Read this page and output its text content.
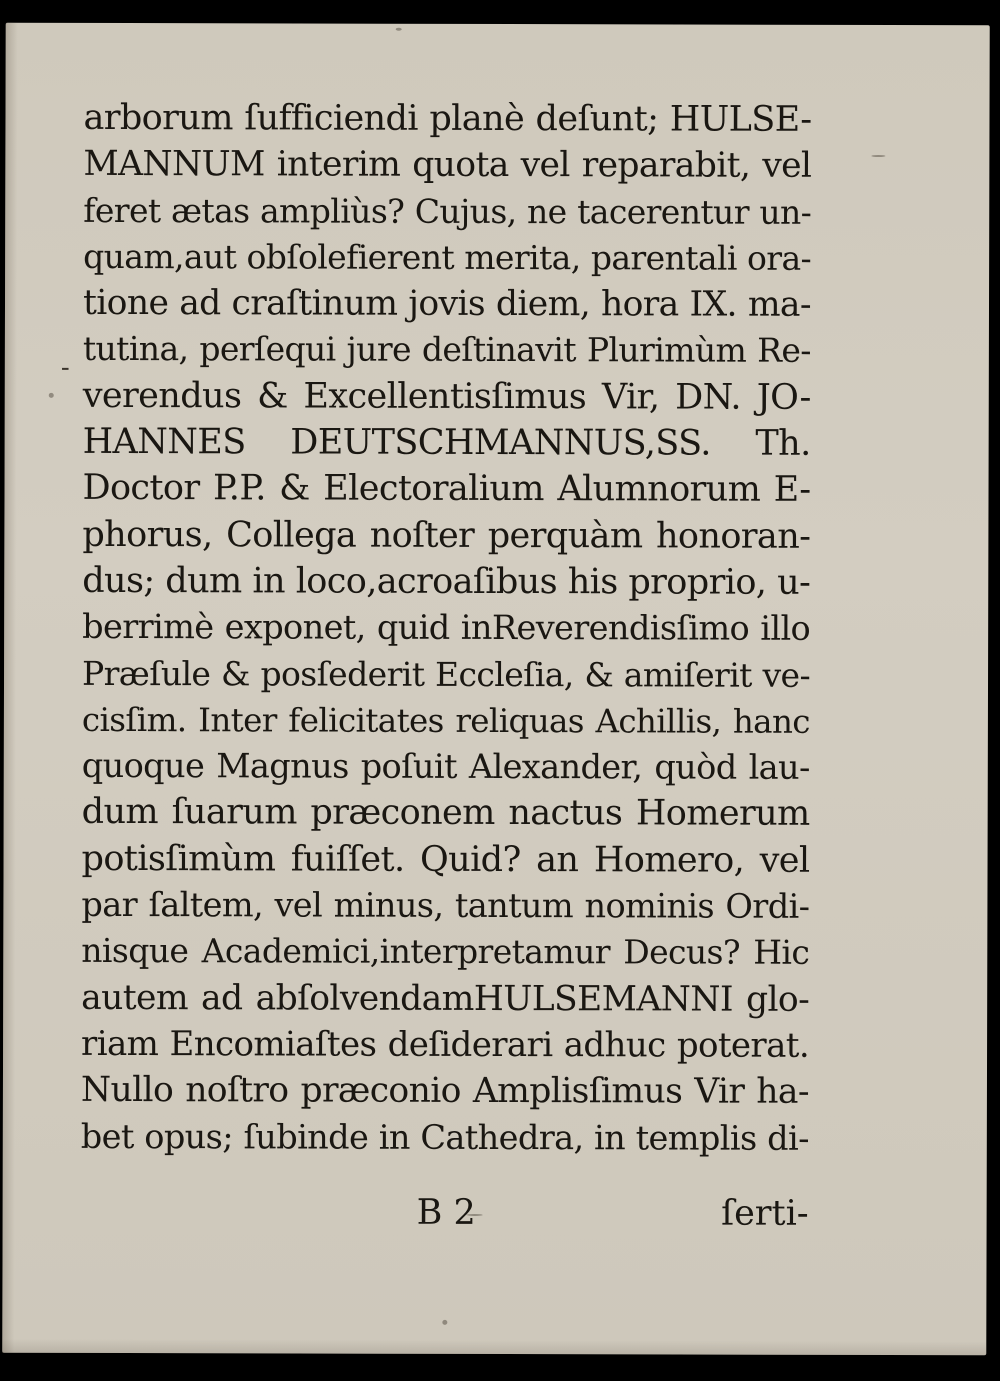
-
arborum ſufficiendi planè deſunt; HULSE-
MANNUM interim quota vel reparabit, vel
feret ætas ampliùs? Cujus, ne tacerentur un-
quam,aut obſolefierent merita, parentali ora-
tione ad craſtinum jovis diem, hora IX. ma-
tutina, perſequi jure deſtinavit Plurimùm Re-
verendus & Excellentisſimus Vir, DN. JO-
HANNES DEUTSCHMANNUS,SS. Th.
Doctor P.P. & Electoralium Alumnorum E-
phorus, Collega noſter perquàm honoran-
dus; dum in loco,acroaſibus his proprio, u-
berrimè exponet, quid inReverendisſimo illo
Præſule & posſederit Eccleſia, & amiſerit ve-
cisſim. Inter felicitates reliquas Achillis, hanc
quoque Magnus poſuit Alexander, quòd lau-
dum ſuarum præconem nactus Homerum
potisſimùm fuiſſet. Quid? an Homero, vel
par ſaltem, vel minus, tantum nominis Ordi-
nisque Academici,interpretamur Decus? Hic
autem ad abſolvendamHULSEMANNI glo-
riam Encomiaſtes deſiderari adhuc poterat.
Nullo noſtro præconio Amplisſimus Vir ha-
bet opus; ſubinde in Cathedra, in templis di-
B 2	ſerti-
